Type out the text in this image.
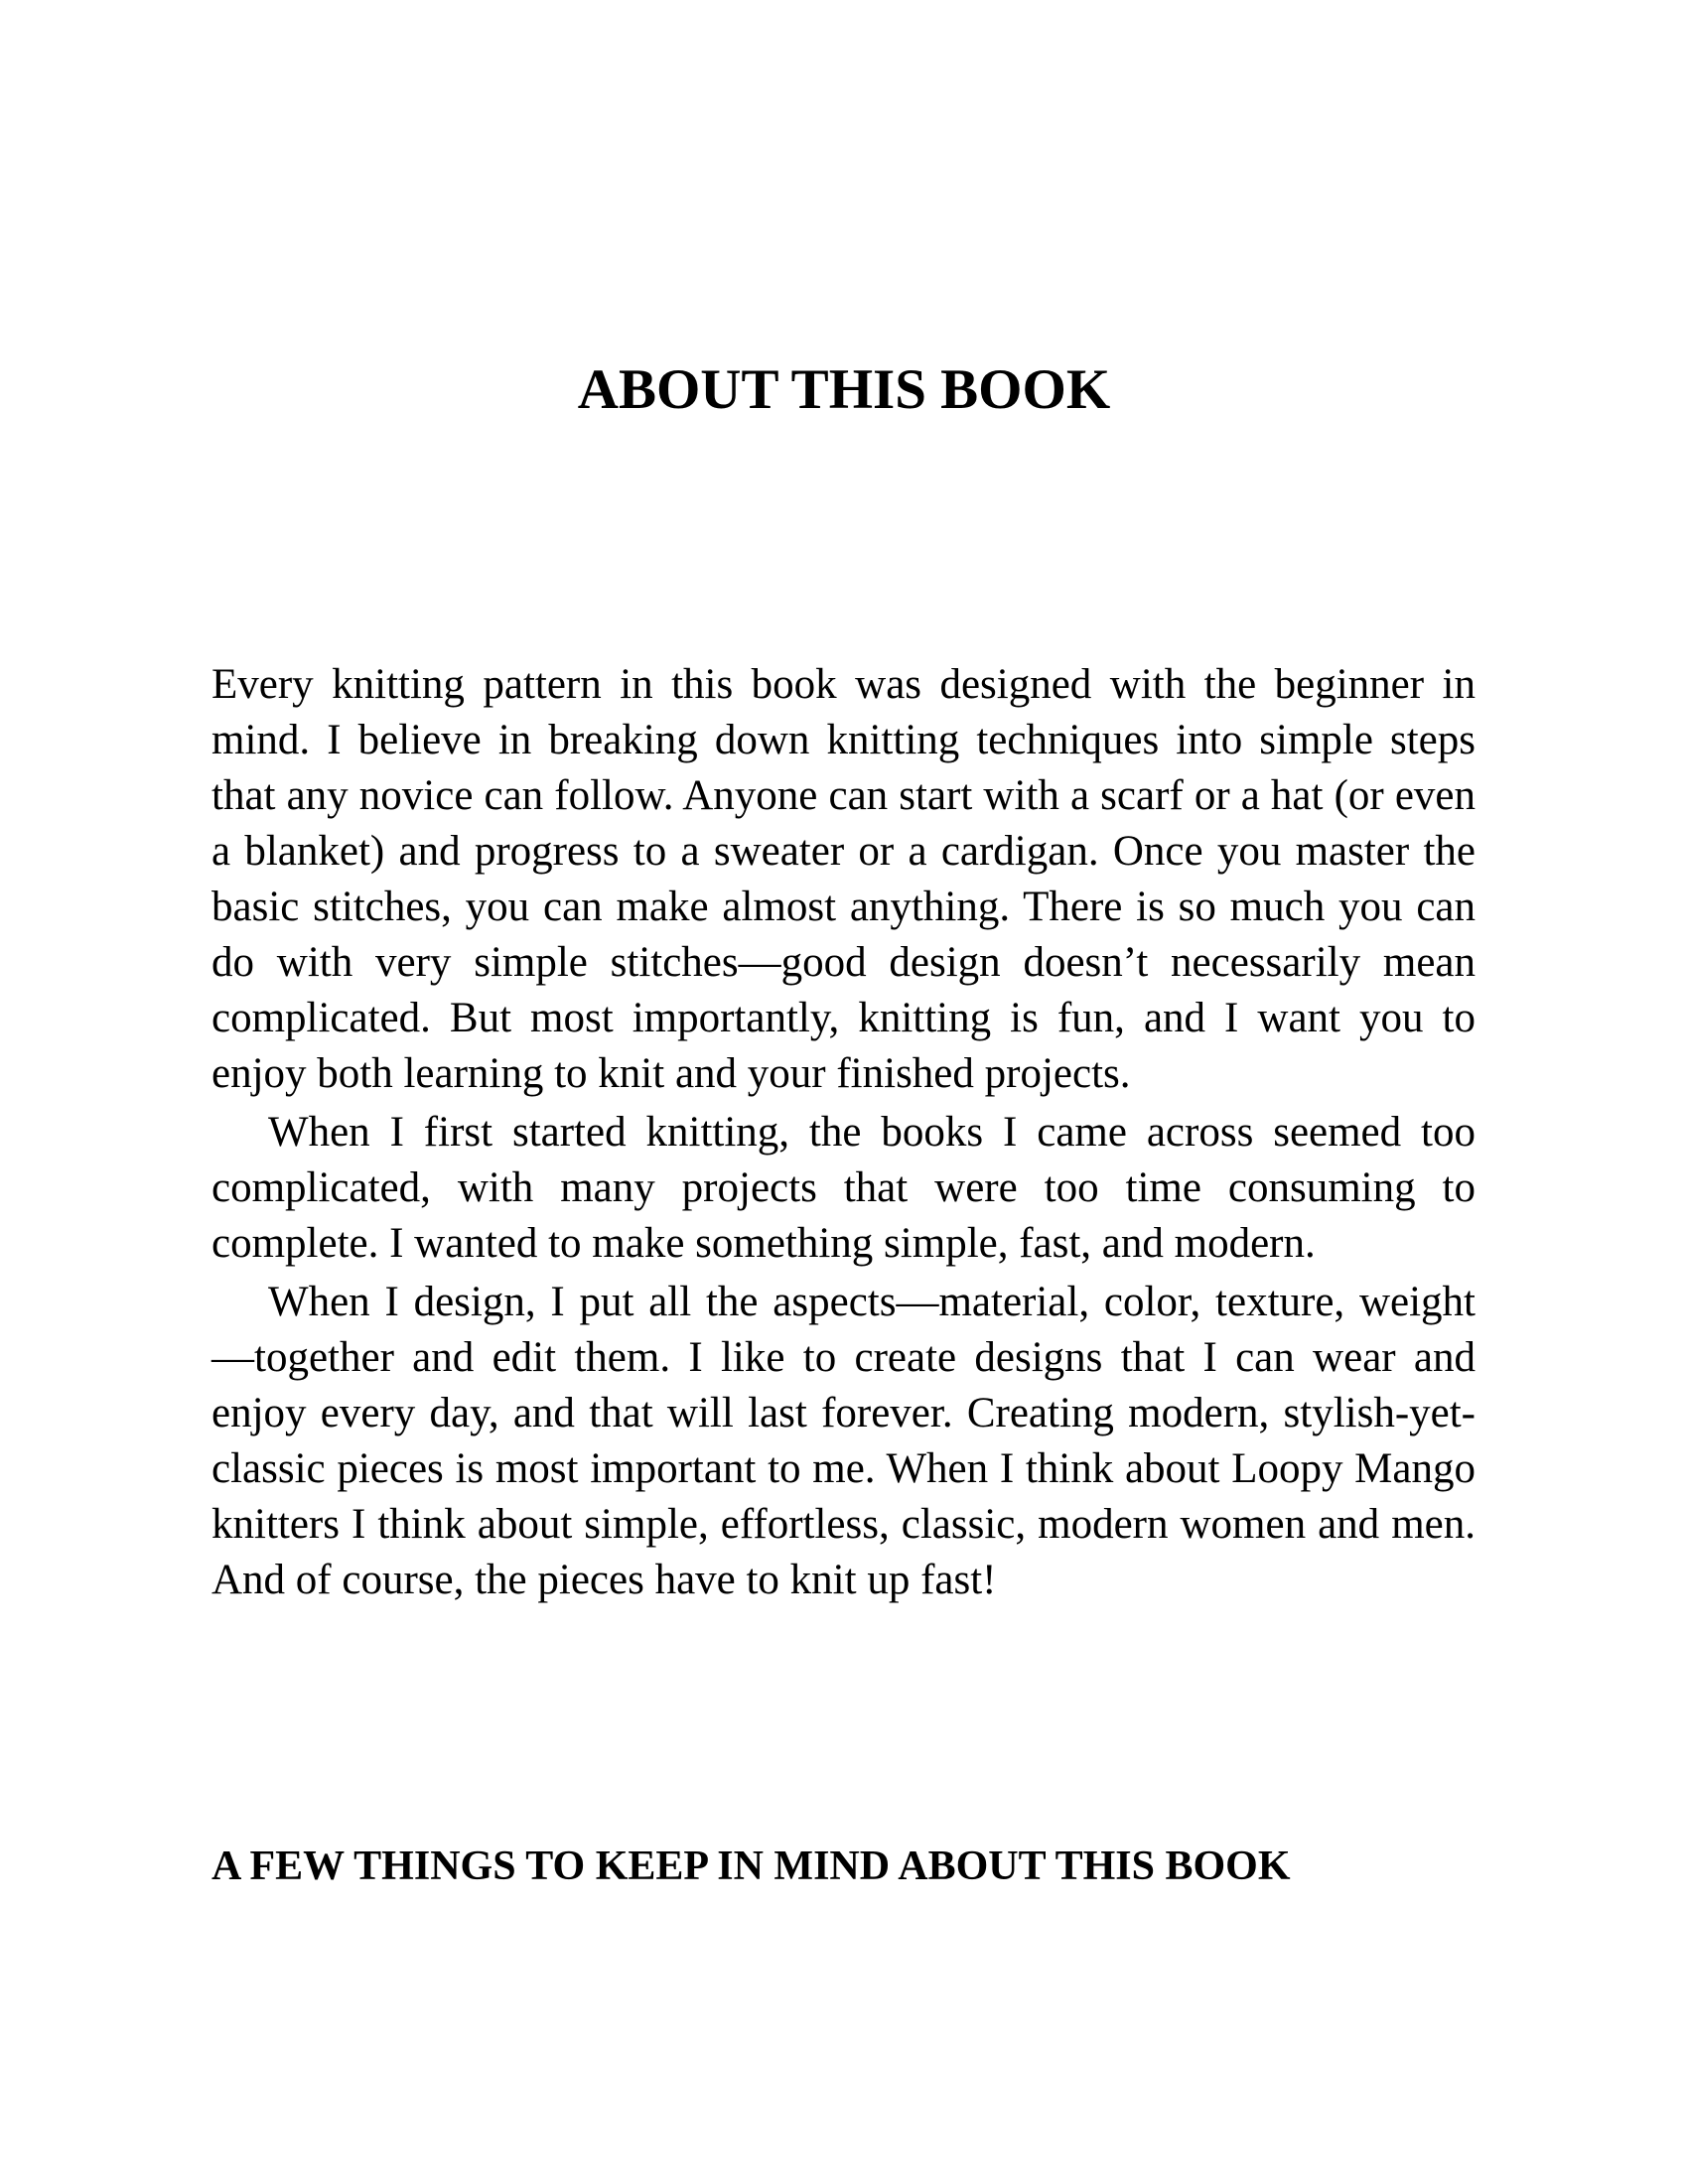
ABOUT THIS BOOK

Every knitting pattern in this book was designed with the beginner in mind. I believe in breaking down knitting techniques into simple steps that any novice can follow. Anyone can start with a scarf or a hat (or even a blanket) and progress to a sweater or a cardigan. Once you master the basic stitches, you can make almost anything. There is so much you can do with very simple stitches—good design doesn’t necessarily mean complicated. But most importantly, knitting is fun, and I want you to enjoy both learning to knit and your finished projects.

When I first started knitting, the books I came across seemed too complicated, with many projects that were too time consuming to complete. I wanted to make something simple, fast, and modern.

When I design, I put all the aspects—material, color, texture, weight—together and edit them. I like to create designs that I can wear and enjoy every day, and that will last forever. Creating modern, stylish-yet-classic pieces is most important to me. When I think about Loopy Mango knitters I think about simple, effortless, classic, modern women and men. And of course, the pieces have to knit up fast!

A FEW THINGS TO KEEP IN MIND ABOUT THIS BOOK
